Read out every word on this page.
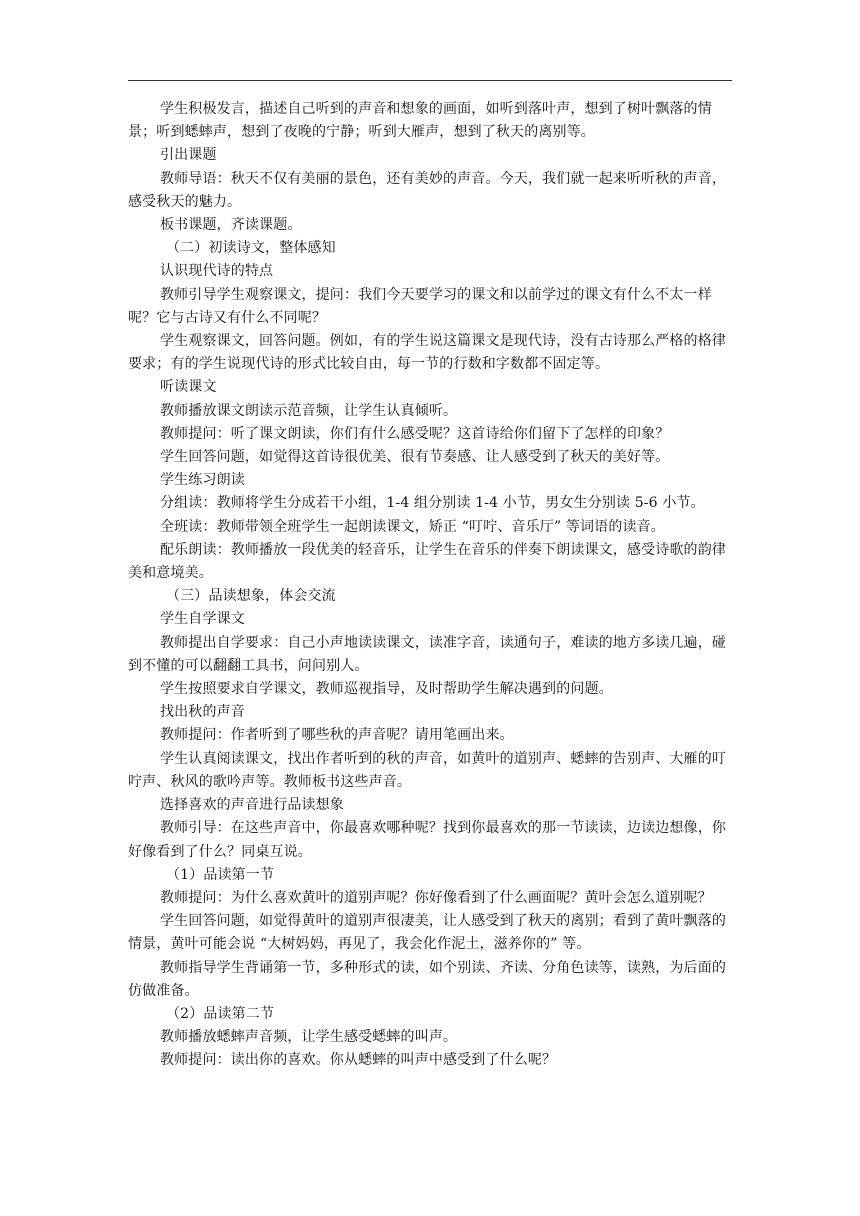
学生积极发言，描述自己听到的声音和想象的画面，如听到落叶声，想到了树叶飘落的情景；听到蟋蟀声，想到了夜晚的宁静；听到大雁声，想到了秋天的离别等。

引出课题

教师导语：秋天不仅有美丽的景色，还有美妙的声音。今天，我们就一起来听听秋的声音，感受秋天的魅力。

板书课题，齐读课题。

（二）初读诗文，整体感知

认识现代诗的特点

教师引导学生观察课文，提问：我们今天要学习的课文和以前学过的课文有什么不太一样呢？它与古诗又有什么不同呢？

学生观察课文，回答问题。例如，有的学生说这篇课文是现代诗，没有古诗那么严格的格律要求；有的学生说现代诗的形式比较自由，每一节的行数和字数都不固定等。

听读课文

教师播放课文朗读示范音频，让学生认真倾听。

教师提问：听了课文朗读，你们有什么感受呢？这首诗给你们留下了怎样的印象？

学生回答问题，如觉得这首诗很优美、很有节奏感、让人感受到了秋天的美好等。

学生练习朗读

分组读：教师将学生分成若干小组，1-4 组分别读 1-4 小节，男女生分别读 5-6 小节。

全班读：教师带领全班学生一起朗读课文，矫正 “叮咛、音乐厅” 等词语的读音。

配乐朗读：教师播放一段优美的轻音乐，让学生在音乐的伴奏下朗读课文，感受诗歌的韵律美和意境美。

（三）品读想象，体会交流

学生自学课文

教师提出自学要求：自己小声地读读课文，读准字音，读通句子，难读的地方多读几遍，碰到不懂的可以翻翻工具书，问问别人。

学生按照要求自学课文，教师巡视指导，及时帮助学生解决遇到的问题。

找出秋的声音

教师提问：作者听到了哪些秋的声音呢？请用笔画出来。

学生认真阅读课文，找出作者听到的秋的声音，如黄叶的道别声、蟋蟀的告别声、大雁的叮咛声、秋风的歌吟声等。教师板书这些声音。

选择喜欢的声音进行品读想象

教师引导：在这些声音中，你最喜欢哪种呢？找到你最喜欢的那一节读读，边读边想像，你好像看到了什么？同桌互说。

（1）品读第一节

教师提问：为什么喜欢黄叶的道别声呢？你好像看到了什么画面呢？黄叶会怎么道别呢？

学生回答问题，如觉得黄叶的道别声很凄美，让人感受到了秋天的离别；看到了黄叶飘落的情景，黄叶可能会说 “大树妈妈，再见了，我会化作泥土，滋养你的” 等。

教师指导学生背诵第一节，多种形式的读，如个别读、齐读、分角色读等，读熟，为后面的仿做准备。

（2）品读第二节

教师播放蟋蟀声音频，让学生感受蟋蟀的叫声。

教师提问：读出你的喜欢。你从蟋蟀的叫声中感受到了什么呢？
